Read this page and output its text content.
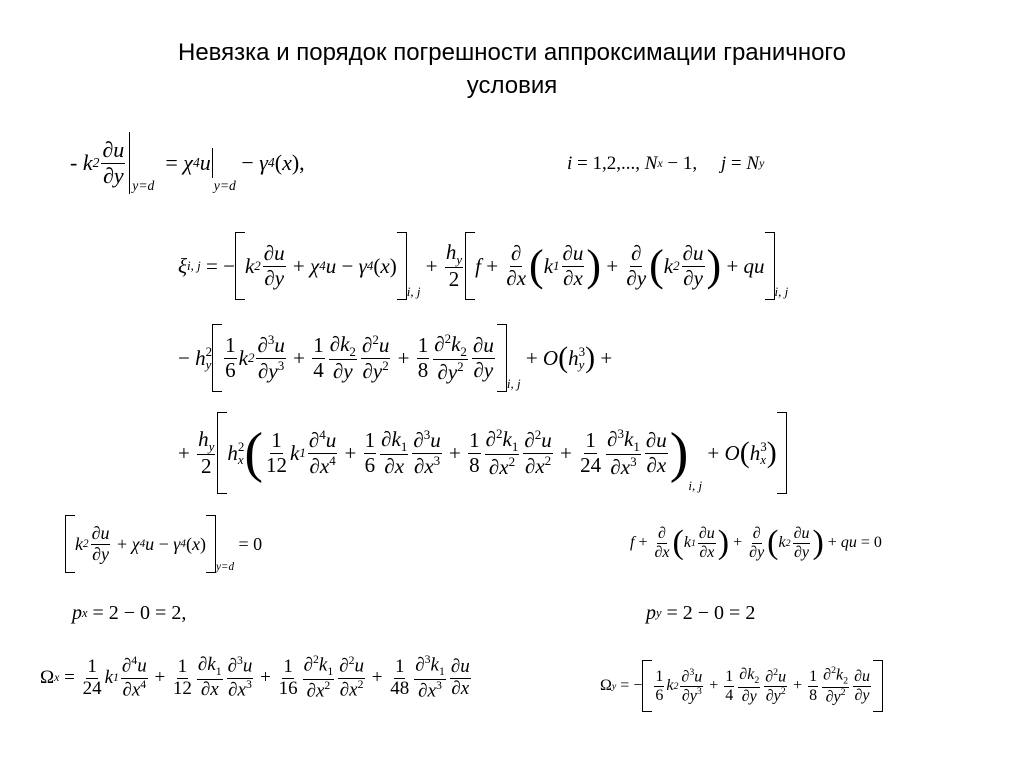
Невязка и порядок погрешности аппроксимации граничного
условия
- k $2 \frac{\partial u}{\partial y} _{y=d}$
= χ 4 u
y=d
− γ 4 ( x ),	i = 1,2,..., N x − 1, j = N y
ξ i, j = − k $2 \frac{\partial u}{\partial y} + \chi$ 4 u − γ 4 ( x )
$_{i, j}$
+ $\frac{h_y}{2}$ $f + \frac{\partial}{\partial x}$ ( k $1 \frac{\partial u}{\partial x}$ ) + $\frac{\partial}{\partial y}$ ( k $2 \frac{\partial u}{\partial y}$ ) + qu
$_{i, j}$
− h 2
y $\frac{1}{6}$ k $2 \frac{\partial^3u}{\partial y^3} + \frac{1}{4} \frac{\partial k_2}{\partial y} \frac{\partial^2u}{\partial y^2} + \frac{1}{8} \frac{\partial^2k_2}{\partial y^2} \frac{\partial u}{\partial y}$
$_{i, j}$
+ O ( h 3
y ) +
+ $\frac{h_y}{2}$ h 2
x ( $\frac{1}{12}$ k $1 \frac{\partial^4u}{\partial x^4} + \frac{1}{6} \frac{\partial k_1}{\partial x} \frac{\partial^3u}{\partial x^3} + \frac{1}{8} \frac{\partial^2k_1}{\partial x^2} \frac{\partial^2u}{\partial x^2} + \frac{1}{24} \frac{\partial^3k_1}{\partial x^3} \frac{\partial u}{\partial x}$ )
$_{i, j}$
+ O ( h 3
x )
k $2 \frac{\partial u}{\partial y} + \chi$ 4 u − γ 4 ( x )
$_{y=d}$
= 0	$f + \frac{\partial}{\partial x}$ ( k $1 \frac{\partial u}{\partial x}$ ) + $\frac{\partial}{\partial y}$ ( k $2 \frac{\partial u}{\partial y}$ ) + qu = 0
p x = 2 − 0 = 2,	p y = 2 − 0 = 2
Ω $x = \frac{1}{24}$ k $1 \frac{\partial^4u}{\partial x^4} + \frac{1}{12} \frac{\partial k_1}{\partial x} \frac{\partial^3u}{\partial x^3} + \frac{1}{16} \frac{\partial^2k_1}{\partial x^2} \frac{\partial^2u}{\partial x^2} + \frac{1}{48} \frac{\partial^3k_1}{\partial x^3} \frac{\partial u}{\partial x}$	Ω y = − $\frac{1}{6}$ k $2 \frac{\partial^3u}{\partial y^3} + \frac{1}{4} \frac{\partial k_2}{\partial y} \frac{\partial^2u}{\partial y^2} + \frac{1}{8} \frac{\partial^2k_2}{\partial y^2} \frac{\partial u}{\partial y}$
